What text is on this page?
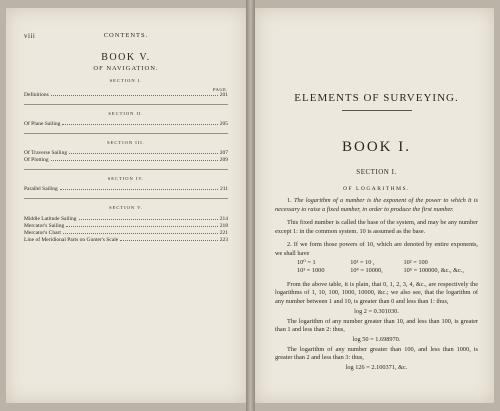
viii	CONTENTS.
BOOK V.
OF NAVIGATION.
SECTION I.
PAGE.
Definitions	201
SECTION II.
Of Plane Sailing	205
SECTION III.
Of Traverse Sailing	207
Of Plotting	209
SECTION IV.
Parallel Sailing	211
SECTION V.
Middle Latitude Sailing	214
Mercator's Sailing	218
Mercator's Chart	221
Line of Meridional Parts on Gunter's Scale	223
ELEMENTS OF SURVEYING.
BOOK I.
SECTION I.
OF LOGARITHMS.
1. The logarithm of a number is the exponent of the power to which it is necessary to raise a fixed number, in order to produce the first number.
This fixed number is called the base of the system, and may be any number except 1: in the common system. 10 is assumed as the base.
2. If we form those powers of 10, which are denoted by entire exponents, we shall have
10⁰ = 1	10¹ = 10 ,	10² = 100
10³ = 1000	10⁴ = 10000,	10⁵ = 100000, &c., &c.,
From the above table, it is plain, that 0, 1, 2, 3, 4, &c., are respectively the logarithms of 1, 10, 100, 1000, 10000, &c.; we also see, that the logarithm of any number between 1 and 10, is greater than 0 and less than 1: thus,
log 2 = 0.301030.
The logarithm of any number greater than 10, and less than 100, is greater than 1 and less than 2: thus,
log 50 = 1.698970.
The logarithm of any number greater than 100, and less than 1000, is greater than 2 and less than 3: thus,
log 126 = 2.100371, &c.
